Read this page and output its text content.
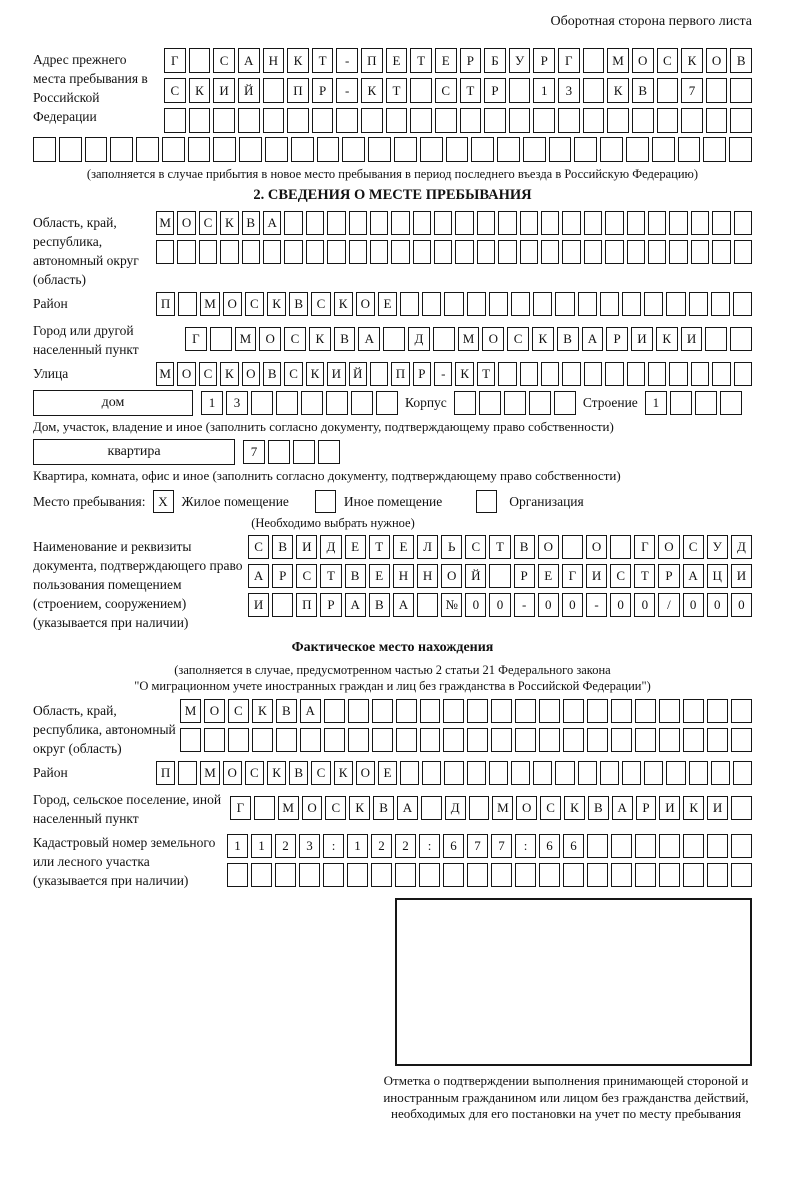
Оборотная сторона первого листа
Адрес прежнего места пребывания в Российской Федерации
Г	С	А	Н	К	Т	-	П	Е	Т	Е	Р	Б	У	Р	Г	М	О	С	К	О	В
С	К	И	Й	П	Р	-	К	Т	С	Т	Р	1	3	К	В	7
(заполняется в случае прибытия в новое место пребывания в период последнего въезда в Российскую Федерацию)
2. СВЕДЕНИЯ О МЕСТЕ ПРЕБЫВАНИЯ
Область, край, республика, автономный округ (область)
М О С К В А
Район	П	М О	С	К	В	С	К	О	Е
Город или другой населенный пункт
Г	М	О	С	К	В	А	Д	М	О	С	К	В	А	Р	И	К	И
Улица	М О С К О В С К И Й	П	Р	-	К	Т
дом	1	3	Корпус	Строение	1
Дом, участок, владение и иное (заполнить согласно документу, подтверждающему право собственности)
квартира	7
Квартира, комната, офис и иное (заполнить согласно документу, подтверждающему право собственности)
Место пребывания: X	Жилое помещение	Иное помещение	Организация
(Необходимо выбрать нужное)
Наименование и реквизиты документа, подтверждающего право пользования помещением (строением, сооружением) (указывается при наличии)
С	В	И	Д	Е	Т	Е	Л	Ь	С	Т	В	О	О	Г	О	С	У	Д
А	Р	С	Т	В	Е	Н	Н	О	Й	Р	Е	Г	И	С	Т	Р	А	Ц	И
И	П	Р	А	В	А	№	0	0	-	0	0	-	0	0	/	0	0	0
Фактическое место нахождения
(заполняется в случае, предусмотренном частью 2 статьи 21 Федерального закона
"О миграционном учете иностранных граждан и лиц без гражданства в Российской Федерации")
Область, край, республика, автономный округ (область)
М	О	С	К	В	А
Район	П	М О	С	К	В	С	К	О	Е
Город, сельское поселение, иной населенный пункт
Г	М	О	С	К	В	А	Д	М	О	С	К	В	А	Р	И	К	И
Кадастровый номер земельного или лесного участка (указывается при наличии)
1	1	2	3	:	1	2	2	:	6	7	7	:	6	6
Отметка о подтверждении выполнения принимающей стороной и иностранным гражданином или лицом без гражданства действий, необходимых для его постановки на учет по месту пребывания
